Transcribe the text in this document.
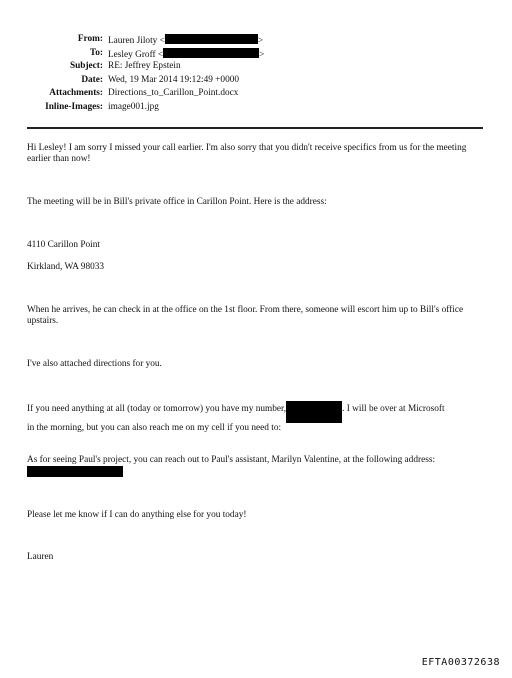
From: Lauren Jiloty <	>
To: Lesley Groff <	>
Subject: RE: Jeffrey Epstein
Date: Wed, 19 Mar 2014 19:12:49 +0000
Attachments: Directions_to_Carillon_Point.docx
Inline-Images: image001.jpg
Hi Lesley! I am sorry I missed your call earlier. I'm also sorry that you didn't receive specifics from us for the meeting earlier than now!
The meeting will be in Bill's private office in Carillon Point. Here is the address:
4110 Carillon Point
Kirkland, WA 98033
When he arrives, he can check in at the office on the 1st floor. From there, someone will escort him up to Bill's office upstairs.
I've also attached directions for you.
If you need anything at all (today or tomorrow) you have my number,	. I will be over at Microsoft
in the morning, but you can also reach me on my cell if you need to:
As for seeing Paul's project, you can reach out to Paul's assistant, Marilyn Valentine, at the following address:

Please let me know if I can do anything else for you today!
Lauren
EFTA00372638
